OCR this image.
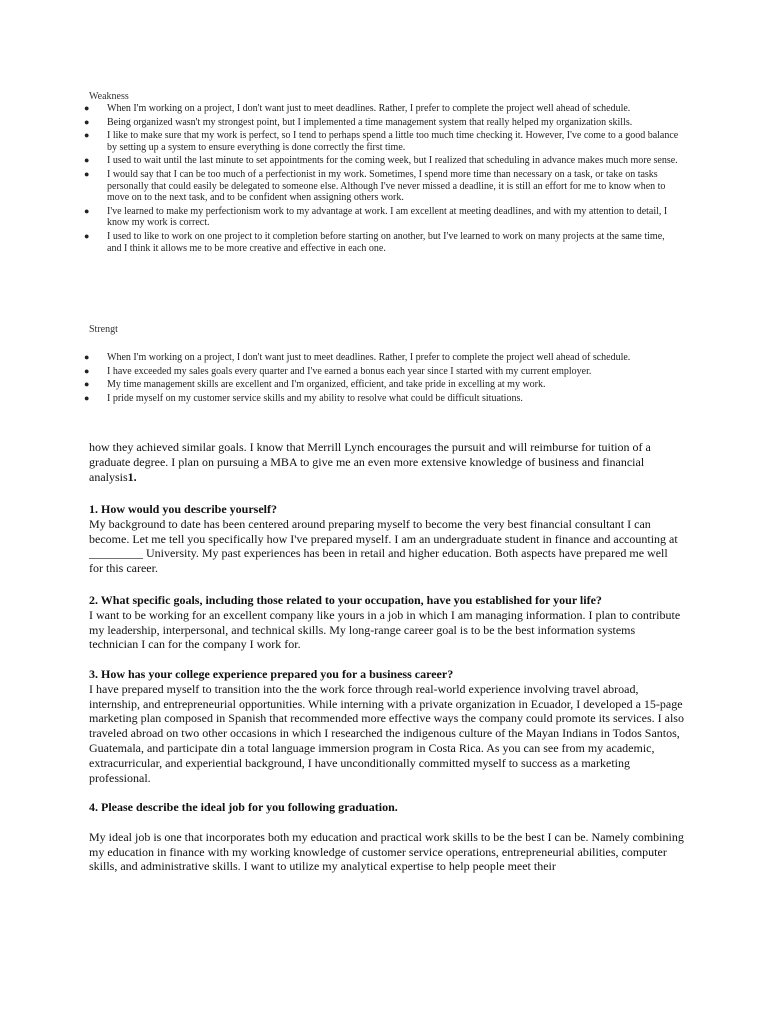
Weakness
● When I'm working on a project, I don't want just to meet deadlines. Rather, I prefer to complete the project well ahead of schedule.
● Being organized wasn't my strongest point, but I implemented a time management system that really helped my organization skills.
● I like to make sure that my work is perfect, so I tend to perhaps spend a little too much time checking it. However, I've come to a good balance by setting up a system to ensure everything is done correctly the first time.
● I used to wait until the last minute to set appointments for the coming week, but I realized that scheduling in advance makes much more sense.
● I would say that I can be too much of a perfectionist in my work. Sometimes, I spend more time than necessary on a task, or take on tasks personally that could easily be delegated to someone else. Although I've never missed a deadline, it is still an effort for me to know when to move on to the next task, and to be confident when assigning others work.
● I've learned to make my perfectionism work to my advantage at work. I am excellent at meeting deadlines, and with my attention to detail, I know my work is correct.
● I used to like to work on one project to it completion before starting on another, but I've learned to work on many projects at the same time, and I think it allows me to be more creative and effective in each one.
Strengt
● When I'm working on a project, I don't want just to meet deadlines. Rather, I prefer to complete the project well ahead of schedule.
● I have exceeded my sales goals every quarter and I've earned a bonus each year since I started with my current employer.
● My time management skills are excellent and I'm organized, efficient, and take pride in excelling at my work.
● I pride myself on my customer service skills and my ability to resolve what could be difficult situations.

how they achieved similar goals. I know that Merrill Lynch encourages the pursuit and will reimburse for tuition of a graduate degree. I plan on pursuing a MBA to give me an even more extensive knowledge of business and financial analysis1.

1. How would you describe yourself?

My background to date has been centered around preparing myself to become the very best financial consultant I can become. Let me tell you specifically how I've prepared myself. I am an undergraduate student in finance and accounting at _________ University. My past experiences has been in retail and higher education. Both aspects have prepared me well for this career.

2. What specific goals, including those related to your occupation, have you established for your life?

I want to be working for an excellent company like yours in a job in which I am managing information. I plan to contribute my leadership, interpersonal, and technical skills. My long-range career goal is to be the best information systems technician I can for the company I work for.

3. How has your college experience prepared you for a business career?

I have prepared myself to transition into the the work force through real-world experience involving travel abroad, internship, and entrepreneurial opportunities. While interning with a private organization in Ecuador, I developed a 15-page marketing plan composed in Spanish that recommended more effective ways the company could promote its services. I also traveled abroad on two other occasions in which I researched the indigenous culture of the Mayan Indians in Todos Santos, Guatemala, and participate din a total language immersion program in Costa Rica. As you can see from my academic, extracurricular, and experiential background, I have unconditionally committed myself to success as a marketing professional.

4. Please describe the ideal job for you following graduation.

My ideal job is one that incorporates both my education and practical work skills to be the best I can be. Namely combining my education in finance with my working knowledge of customer service operations, entrepreneurial abilities, computer skills, and administrative skills. I want to utilize my analytical expertise to help people meet their
